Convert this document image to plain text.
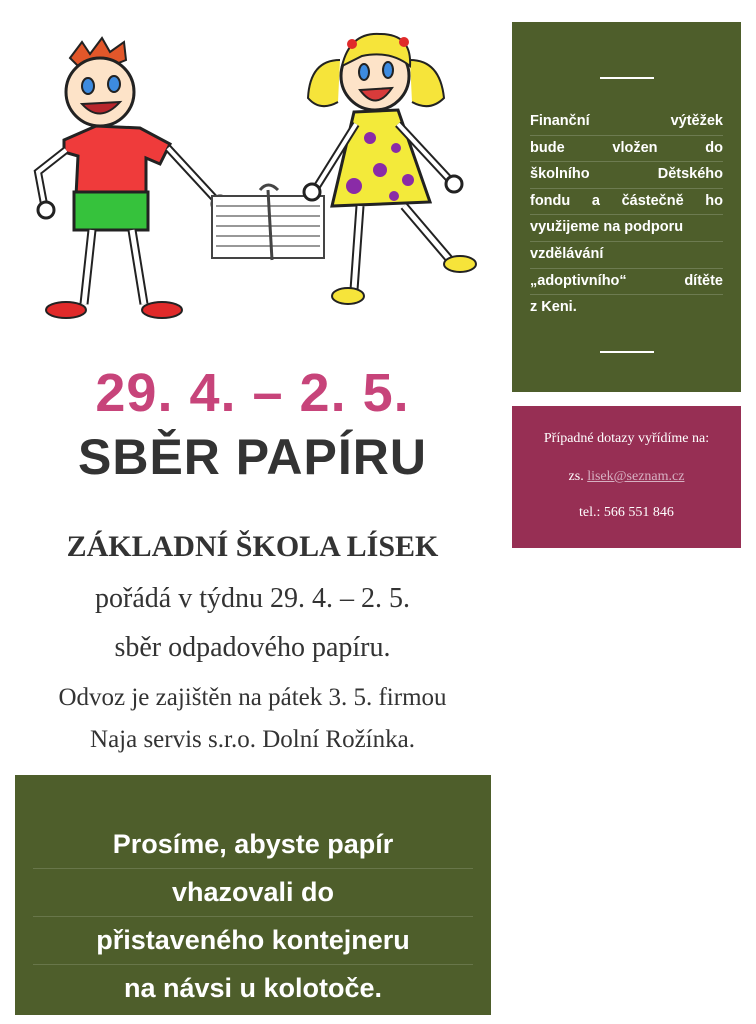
29. 4. – 2. 5.
SBĚR PAPÍRU
ZÁKLADNÍ ŠKOLA LÍSEK
pořádá v týdnu 29. 4. – 2. 5.
sběr odpadového papíru.
Odvoz je zajištěn na pátek 3. 5. firmou
Naja servis s.r.o. Dolní Rožínka.
Prosíme, abyste papír
vhazovali do
přistaveného kontejneru
na návsi u kolotoče.
Finanční	výtěžek
bude	vložen	do
školního	Dětského
fondu a částečně ho
využijeme na podporu
vzdělávání
„adoptivního“	dítěte
z Keni.
Případné dotazy vyřídíme na:
zs. lisek@seznam.cz
tel.: 566 551 846
